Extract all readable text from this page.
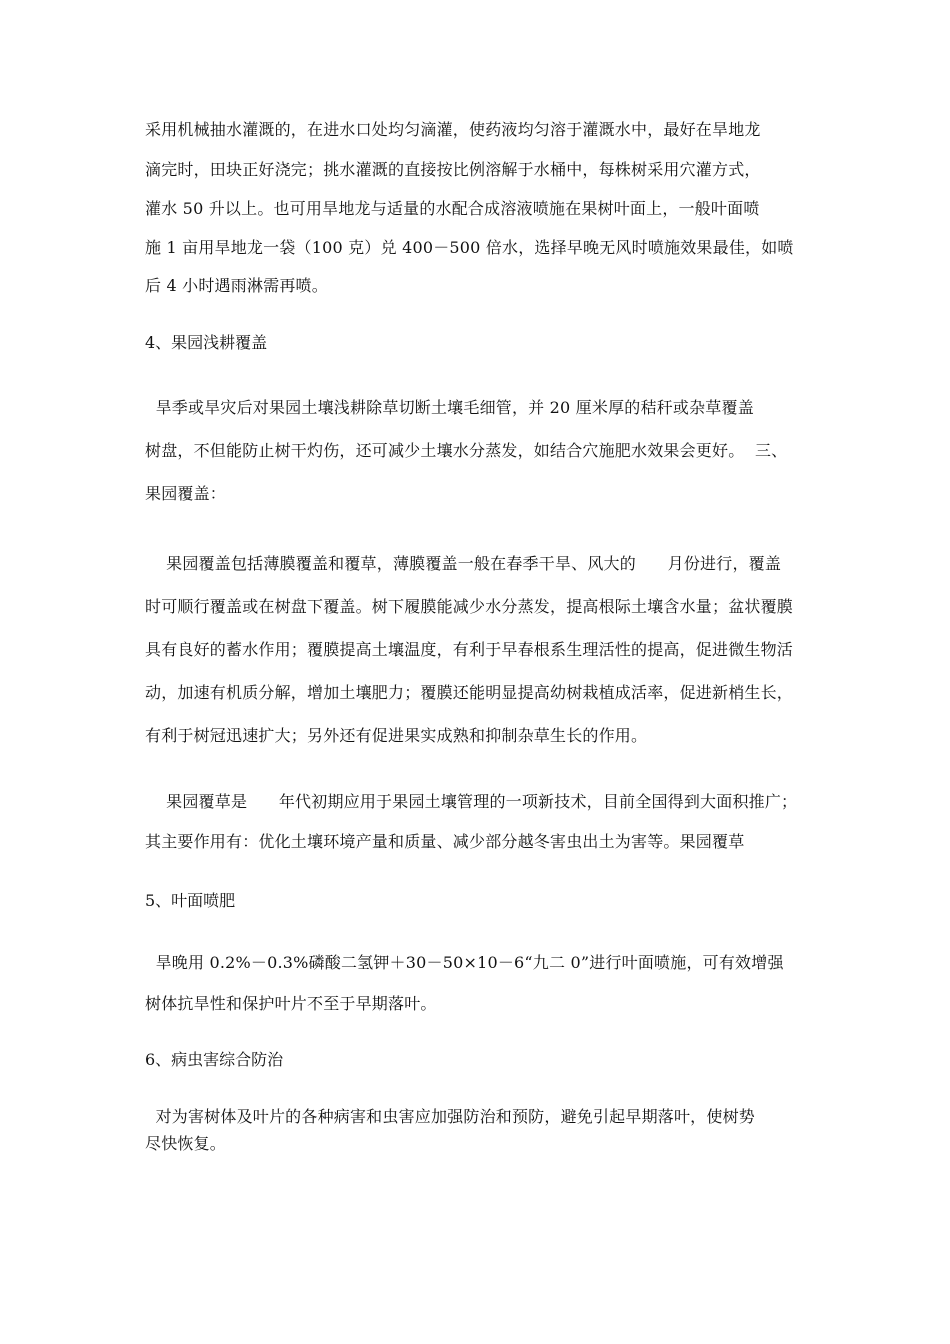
采用机械抽水灌溉的，在进水口处均匀滴灌，使药液均匀溶于灌溉水中，最好在旱地龙
滴完时，田块正好浇完；挑水灌溉的直接按比例溶解于水桶中，每株树采用穴灌方式，
灌水 50 升以上。也可用旱地龙与适量的水配合成溶液喷施在果树叶面上，一般叶面喷
施 1 亩用旱地龙一袋（100 克）兑 400－500 倍水，选择早晚无风时喷施效果最佳，如喷
后 4 小时遇雨淋需再喷。
4、果园浅耕覆盖
旱季或旱灾后对果园土壤浅耕除草切断土壤毛细管，并 20 厘米厚的秸秆或杂草覆盖
树盘，不但能防止树干灼伤，还可减少土壤水分蒸发，如结合穴施肥水效果会更好。  三、
果园覆盖：
果园覆盖包括薄膜覆盖和覆草，薄膜覆盖一般在春季干旱、风大的      月份进行，覆盖
时可顺行覆盖或在树盘下覆盖。树下履膜能减少水分蒸发，提高根际土壤含水量；盆状覆膜
具有良好的蓄水作用；覆膜提高土壤温度，有利于早春根系生理活性的提高，促进微生物活
动，加速有机质分解，增加土壤肥力；覆膜还能明显提高幼树栽植成活率，促进新梢生长，
有利于树冠迅速扩大；另外还有促进果实成熟和抑制杂草生长的作用。
果园覆草是      年代初期应用于果园土壤管理的一项新技术，目前全国得到大面积推广；
其主要作用有：优化土壤环境产量和质量、减少部分越冬害虫出土为害等。果园覆草
5、叶面喷肥
旱晚用 0.2%－0.3%磷酸二氢钾＋30－50×10－6“九二 0”进行叶面喷施，可有效增强
树体抗旱性和保护叶片不至于早期落叶。
6、病虫害综合防治
对为害树体及叶片的各种病害和虫害应加强防治和预防，避免引起早期落叶，使树势
尽快恢复。
